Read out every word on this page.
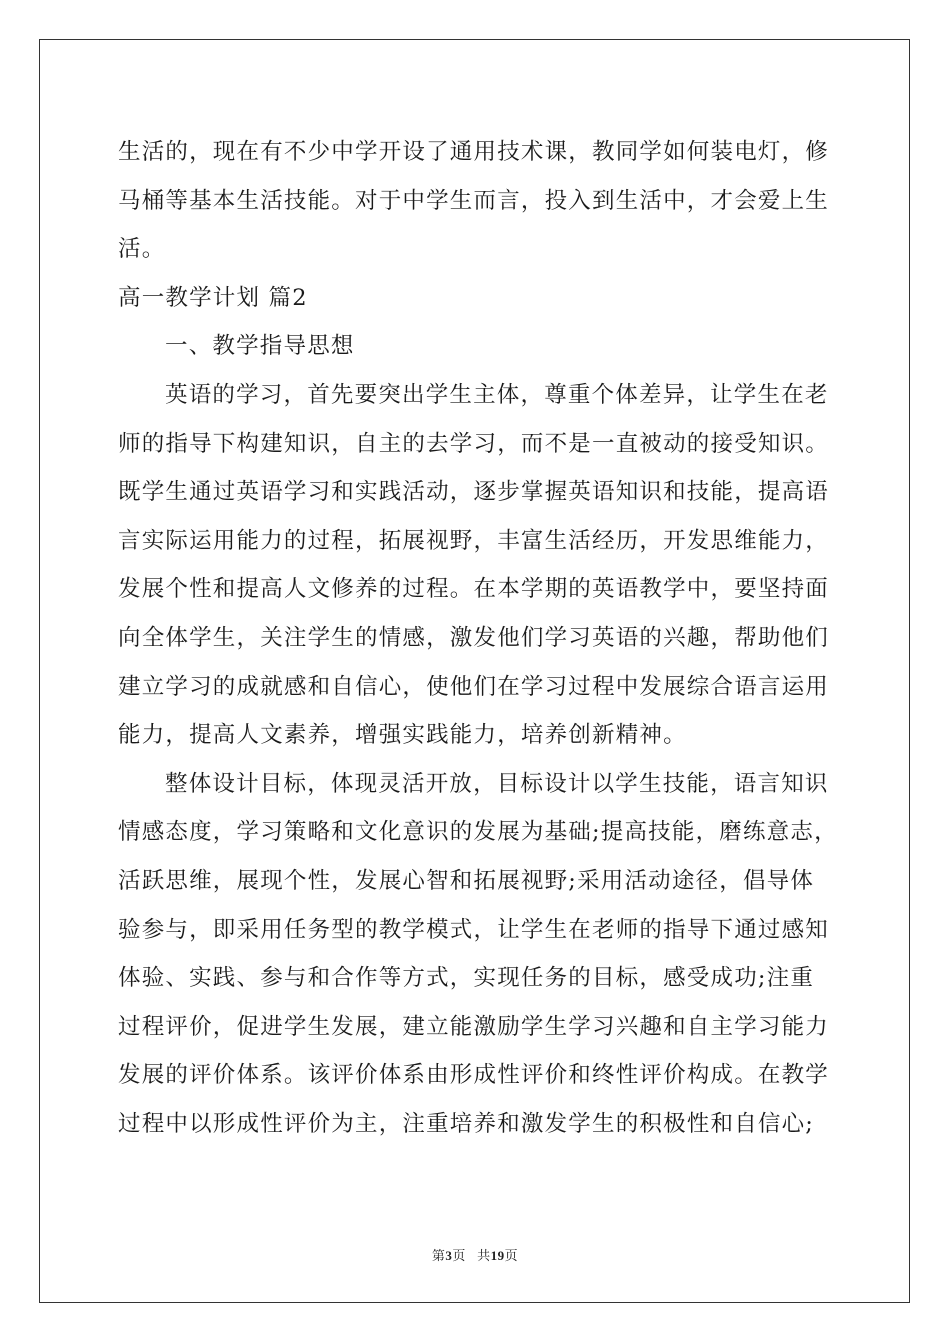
生活的，现在有不少中学开设了通用技术课，教同学如何装电灯，修
马桶等基本生活技能。对于中学生而言，投入到生活中，才会爱上生
活。
高一教学计划 篇2
一、教学指导思想
英语的学习，首先要突出学生主体，尊重个体差异，让学生在老
师的指导下构建知识，自主的去学习，而不是一直被动的接受知识。
既学生通过英语学习和实践活动，逐步掌握英语知识和技能，提高语
言实际运用能力的过程，拓展视野，丰富生活经历，开发思维能力，
发展个性和提高人文修养的过程。在本学期的英语教学中，要坚持面
向全体学生，关注学生的情感，激发他们学习英语的兴趣，帮助他们
建立学习的成就感和自信心，使他们在学习过程中发展综合语言运用
能力，提高人文素养，增强实践能力，培养创新精神。
整体设计目标，体现灵活开放，目标设计以学生技能，语言知识
情感态度，学习策略和文化意识的发展为基础;提高技能，磨练意志，
活跃思维，展现个性，发展心智和拓展视野;采用活动途径，倡导体
验参与，即采用任务型的教学模式，让学生在老师的指导下通过感知
体验、实践、参与和合作等方式，实现任务的目标，感受成功;注重
过程评价，促进学生发展，建立能激励学生学习兴趣和自主学习能力
发展的评价体系。该评价体系由形成性评价和终性评价构成。在教学
过程中以形成性评价为主，注重培养和激发学生的积极性和自信心;
第3页 共19页
